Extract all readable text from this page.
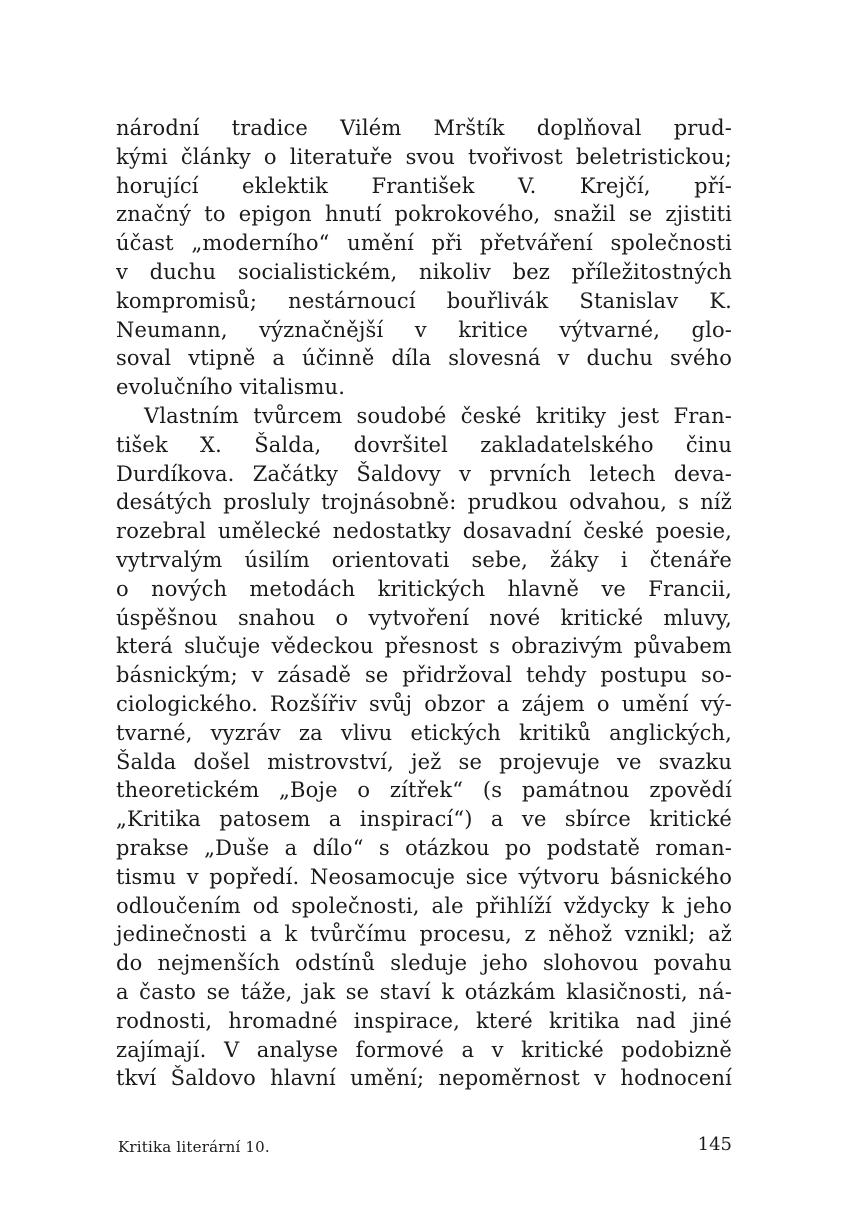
národní tradice Vilém Mrštík doplňoval prud-
kými články o literatuře svou tvořivost beletristickou;
horující eklektik František V. Krejčí, pří-
značný to epigon hnutí pokrokového, snažil se zjistiti
účast „moderního“ umění při přetváření společnosti
v duchu socialistickém, nikoliv bez příležitostných
kompromisů; nestárnoucí bouřlivák Stanislav K.
Neumann, význačnější v kritice výtvarné, glo-
soval vtipně a účinně díla slovesná v duchu svého
evolučního vitalismu.
Vlastním tvůrcem soudobé české kritiky jest Fran-
tišek X. Šalda, dovršitel zakladatelského činu
Durdíkova. Začátky Šaldovy v prvních letech deva-
desátých prosluly trojnásobně: prudkou odvahou, s níž
rozebral umělecké nedostatky dosavadní české poesie,
vytrvalým úsilím orientovati sebe, žáky i čtenáře
o nových metodách kritických hlavně ve Francii,
úspěšnou snahou o vytvoření nové kritické mluvy,
která slučuje vědeckou přesnost s obrazivým půvabem
básnickým; v zásadě se přidržoval tehdy postupu so-
ciologického. Rozšířiv svůj obzor a zájem o umění vý-
tvarné, vyzráv za vlivu etických kritiků anglických,
Šalda došel mistrovství, jež se projevuje ve svazku
theoretickém „Boje o zítřek“ (s památnou zpovědí
„Kritika patosem a inspirací“) a ve sbírce kritické
prakse „Duše a dílo“ s otázkou po podstatě roman-
tismu v popředí. Neosamocuje sice výtvoru básnického
odloučením od společnosti, ale přihlíží vždycky k jeho
jedinečnosti a k tvůrčímu procesu, z něhož vznikl; až
do nejmenších odstínů sleduje jeho slohovou povahu
a často se táže, jak se staví k otázkám klasičnosti, ná-
rodnosti, hromadné inspirace, které kritika nad jiné
zajímají. V analyse formové a v kritické podobizně
tkví Šaldovo hlavní umění; nepoměrnost v hodnocení
Kritika literární 10.	145
